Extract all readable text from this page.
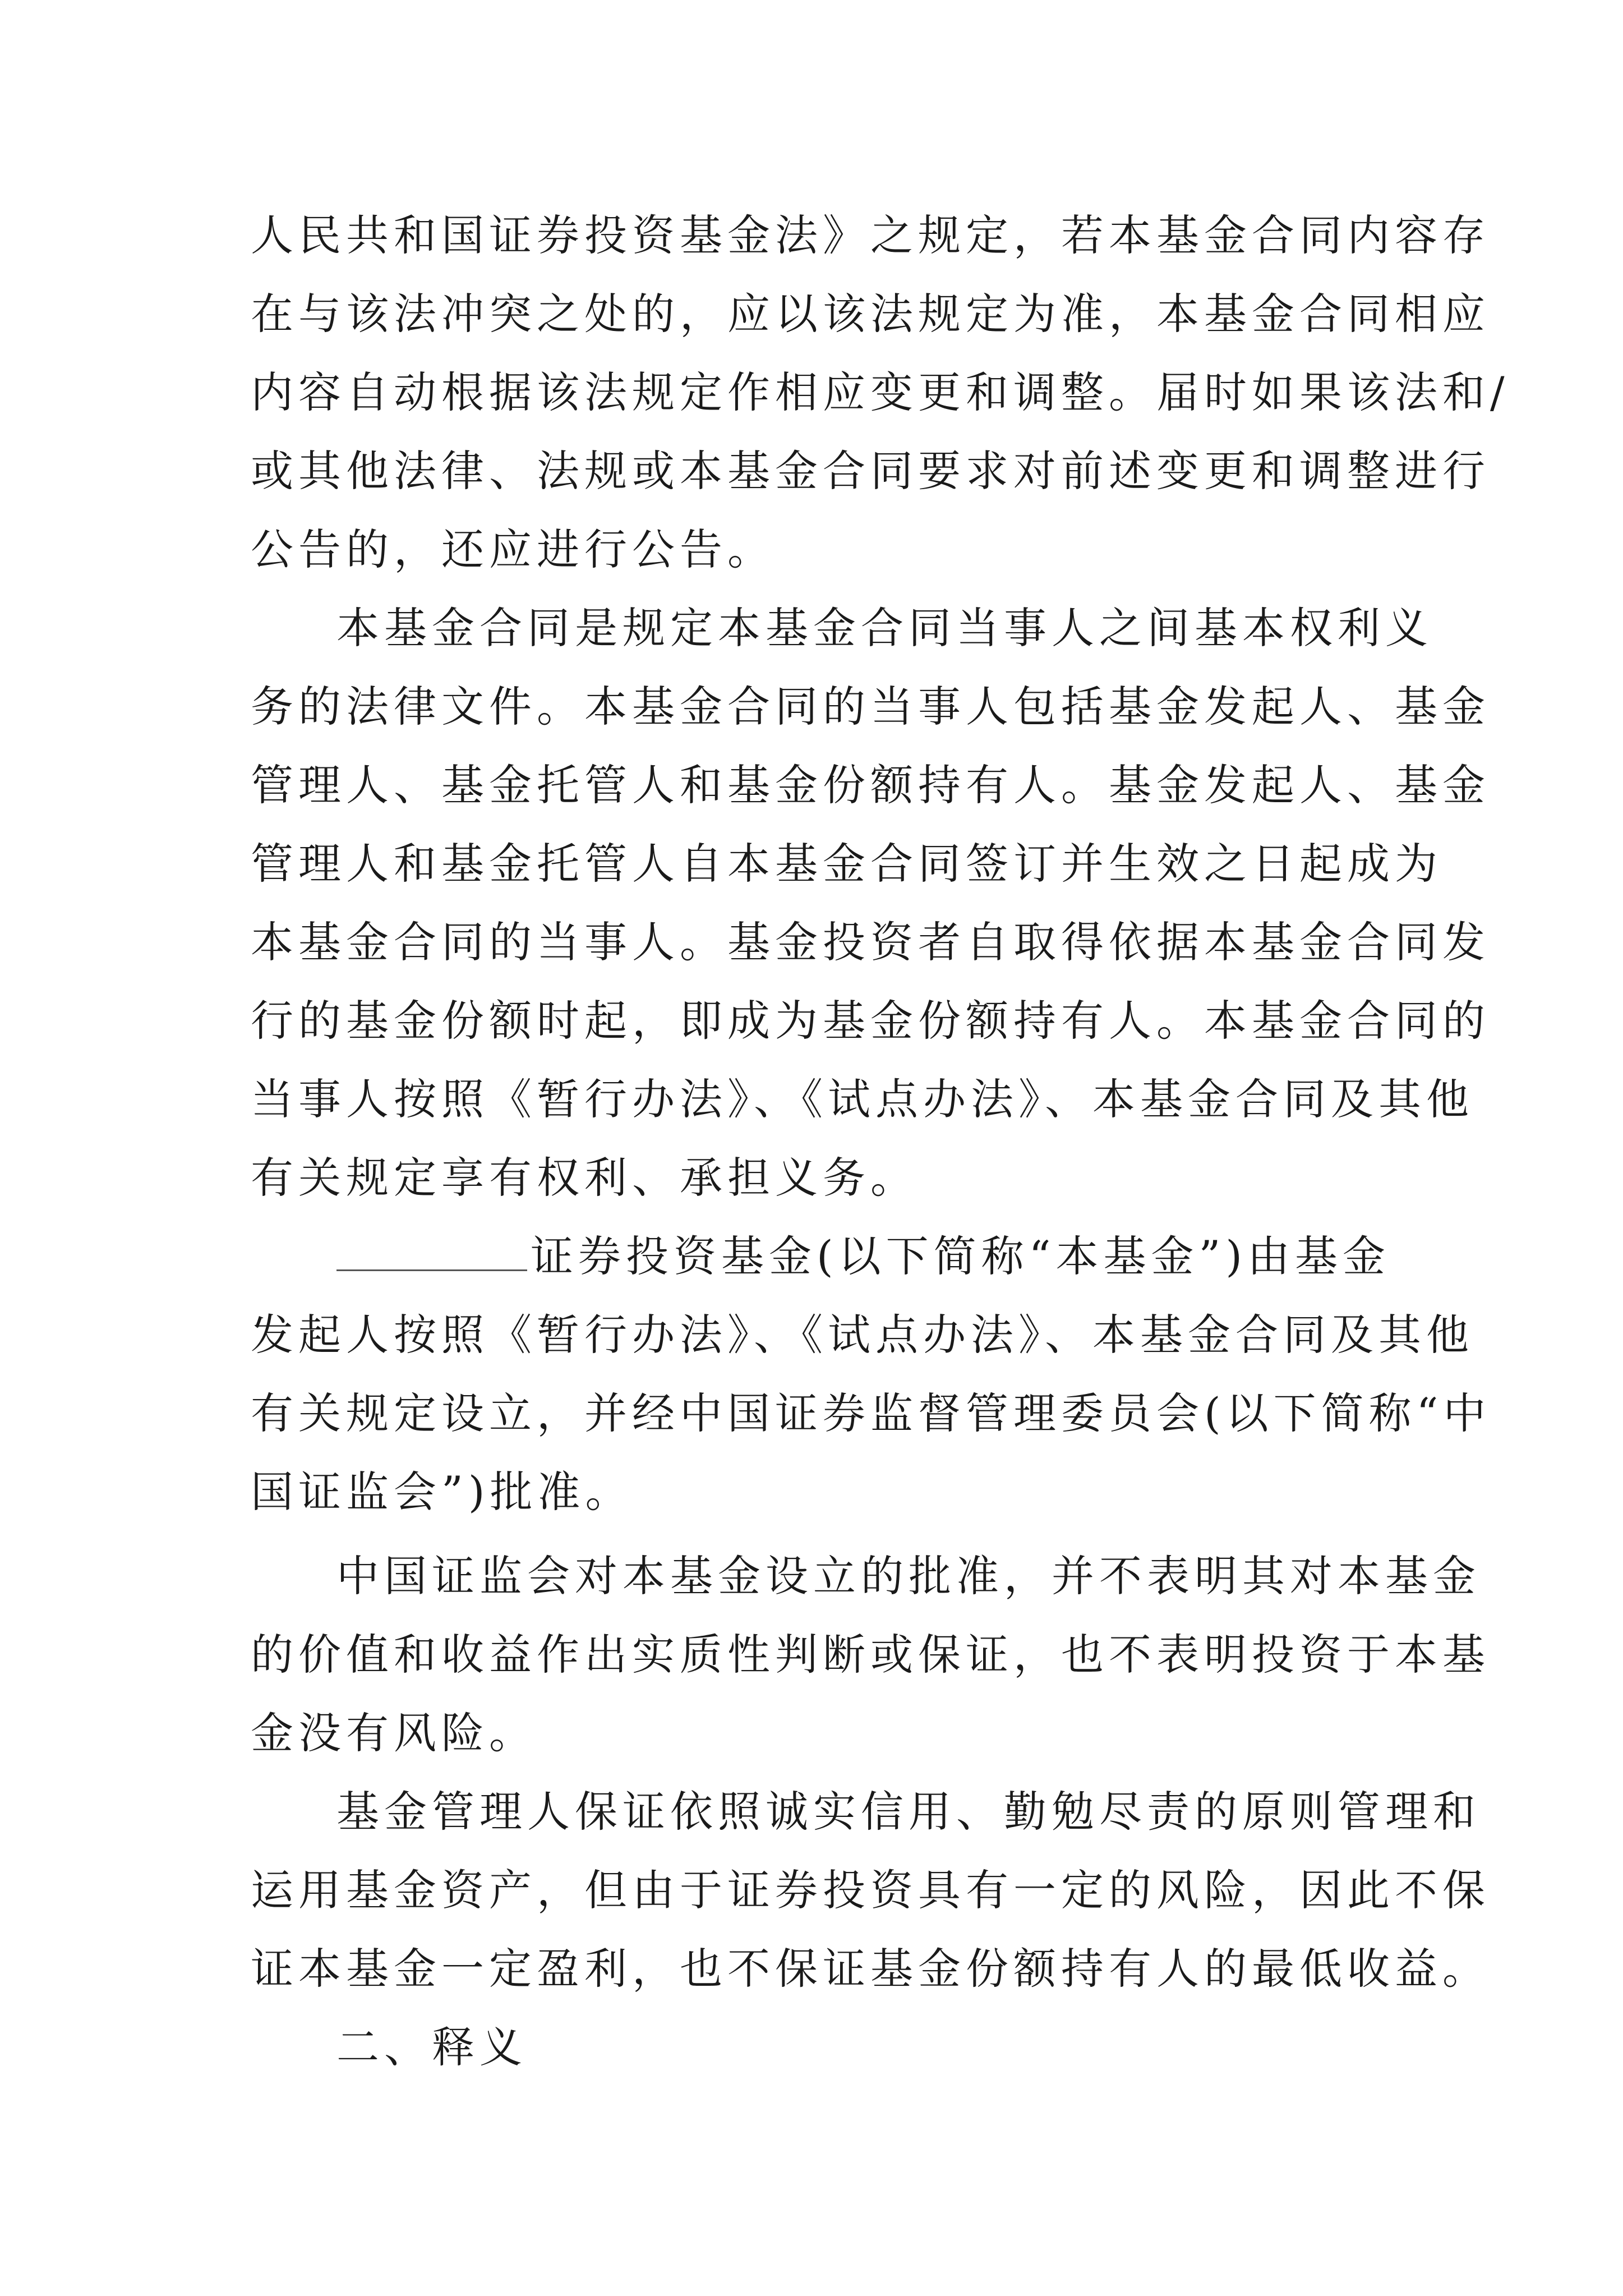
人民共和国证券投资基金法》之规定，若本基金合同内容存
在与该法冲突之处的，应以该法规定为准，本基金合同相应
内容自动根据该法规定作相应变更和调整。届时如果该法和/
或其他法律、法规或本基金合同要求对前述变更和调整进行
公告的，还应进行公告。
本基金合同是规定本基金合同当事人之间基本权利义
务的法律文件。本基金合同的当事人包括基金发起人、基金
管理人、基金托管人和基金份额持有人。基金发起人、基金
管理人和基金托管人自本基金合同签订并生效之日起成为
本基金合同的当事人。基金投资者自取得依据本基金合同发
行的基金份额时起，即成为基金份额持有人。本基金合同的
当事人按照《暂行办法》、《试点办法》、本基金合同及其他
有关规定享有权利、承担义务。
证券投资基金(以下简称“本基金”)由基金
发起人按照《暂行办法》、《试点办法》、本基金合同及其他
有关规定设立，并经中国证券监督管理委员会(以下简称“中
国证监会”)批准。
中国证监会对本基金设立的批准，并不表明其对本基金
的价值和收益作出实质性判断或保证，也不表明投资于本基
金没有风险。
基金管理人保证依照诚实信用、勤勉尽责的原则管理和
运用基金资产，但由于证券投资具有一定的风险，因此不保
证本基金一定盈利，也不保证基金份额持有人的最低收益。
二、释义
